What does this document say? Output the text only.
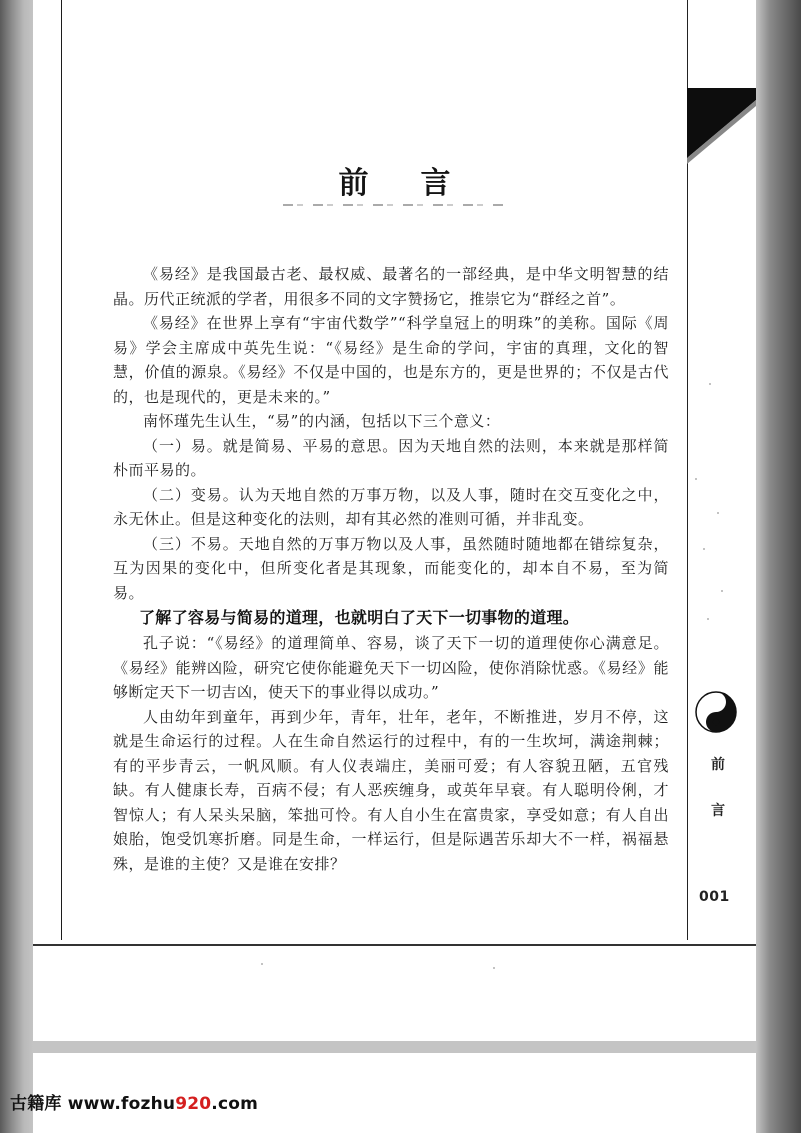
前言

《易经》是我国最古老、最权威、最著名的一部经典，是中华文明智慧的结晶。历代正统派的学者，用很多不同的文字赞扬它，推崇它为“群经之首”。

《易经》在世界上享有“宇宙代数学”“科学皇冠上的明珠”的美称。国际《周易》学会主席成中英先生说：“《易经》是生命的学问，宇宙的真理，文化的智慧，价值的源泉。《易经》不仅是中国的，也是东方的，更是世界的；不仅是古代的，也是现代的，更是未来的。”

南怀瑾先生认生，“易”的内涵，包括以下三个意义：

（一）易。就是简易、平易的意思。因为天地自然的法则，本来就是那样简朴而平易的。

（二）变易。认为天地自然的万事万物，以及人事，随时在交互变化之中，永无休止。但是这种变化的法则，却有其必然的准则可循，并非乱变。

（三）不易。天地自然的万事万物以及人事，虽然随时随地都在错综复杂，互为因果的变化中，但所变化者是其现象，而能变化的，却本自不易，至为简易。

了解了容易与简易的道理，也就明白了天下一切事物的道理。

孔子说：“《易经》的道理简单、容易，谈了天下一切的道理使你心满意足。《易经》能辨凶险，研究它使你能避免天下一切凶险，使你消除忧惑。《易经》能够断定天下一切吉凶，使天下的事业得以成功。”

人由幼年到童年，再到少年，青年，壮年，老年，不断推进，岁月不停，这就是生命运行的过程。人在生命自然运行的过程中，有的一生坎坷，满途荆棘；有的平步青云，一帆风顺。有人仪表端庄，美丽可爱；有人容貌丑陋，五官残缺。有人健康长寿，百病不侵；有人恶疾缠身，或英年早衰。有人聪明伶俐，才智惊人；有人呆头呆脑，笨拙可怜。有人自小生在富贵家，享受如意；有人自出娘胎，饱受饥寒折磨。同是生命，一样运行，但是际遇苦乐却大不一样，祸福悬殊，是谁的主使？又是谁在安排？

前
言
001
古籍库 www.fozhu920.com
